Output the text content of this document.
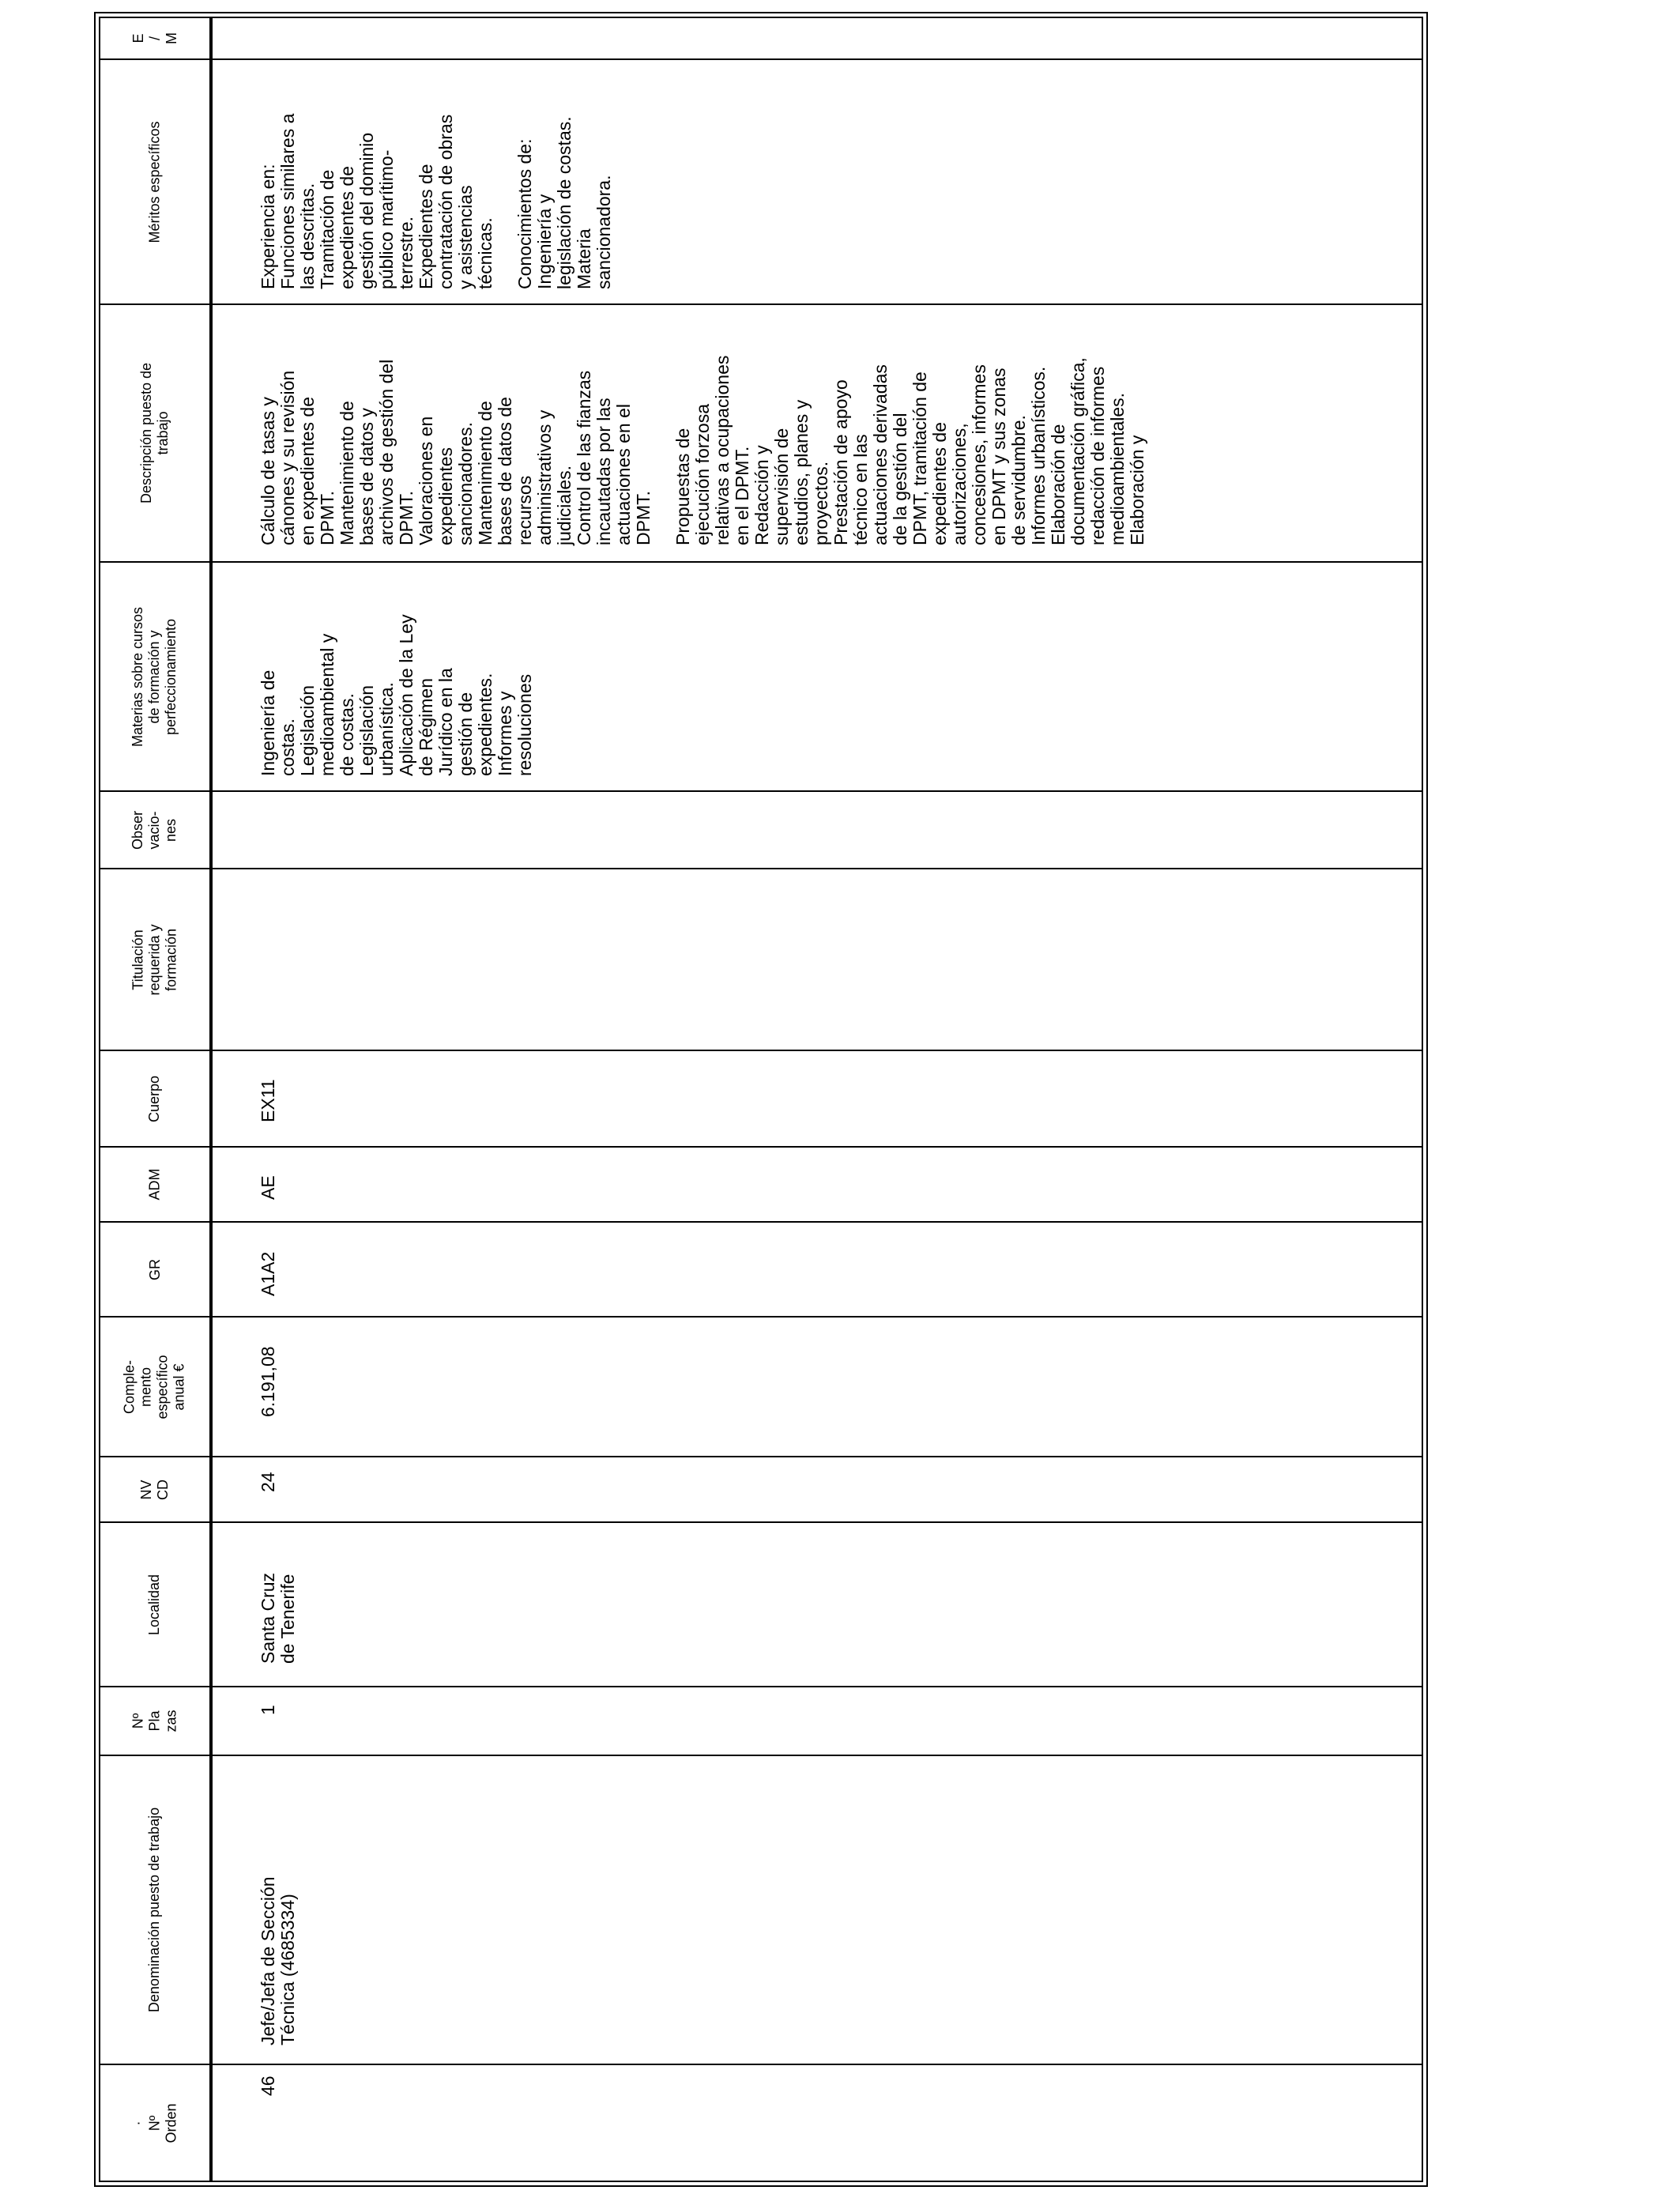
E
/
M
Méritos específicos
Descripción puesto de
trabajo
Materias sobre cursos
de formación y
perfeccionamiento
Obser
vacio-
nes
Titulación
requerida y
formación
Cuerpo
ADM
GR
Comple-
mento
específico
anual €
NV
CD
Localidad
Nº
Pla
zas
Denominación puesto de trabajo
·
Nº
Orden
46
Jefe/Jefa de Sección
Técnica (4685334)
1
Santa Cruz
de Tenerife
24
6.191,08
A1A2
AE
EX11
Ingeniería de
costas.
Legislación
medioambiental y
de costas.
Legislación
urbanística.
Aplicación de la Ley
de Régimen
Jurídico en la
gestión de
expedientes.
Informes y
resoluciones
Cálculo de tasas y
cánones y su revisión
en expedientes de
DPMT.
Mantenimiento de
bases de datos y
archivos de gestión del
DPMT.
Valoraciones en
expedientes
sancionadores.
Mantenimiento de
bases de datos de
recursos
administrativos y
judiciales.
Control de las fianzas
incautadas por las
actuaciones en el
DPMT.

Propuestas de
ejecución forzosa
relativas a ocupaciones
en el DPMT.
Redacción y
supervisión de
estudios, planes y
proyectos.
Prestación de apoyo
técnico en las
actuaciones derivadas
de la gestión del
DPMT, tramitación de
expedientes de
autorizaciones,
concesiones, informes
en DPMT y sus zonas
de servidumbre.
Informes urbanísticos.
Elaboración de
documentación gráfica,
redacción de informes
medioambientales.
Elaboración y
Experiencia en:
Funciones similares a
las descritas.
Tramitación de
expedientes de
gestión del dominio
público marítimo-
terrestre.
Expedientes de
contratación de obras
y asistencias
técnicas.

Conocimientos de:
Ingeniería y
legislación de costas.
Materia
sancionadora.
